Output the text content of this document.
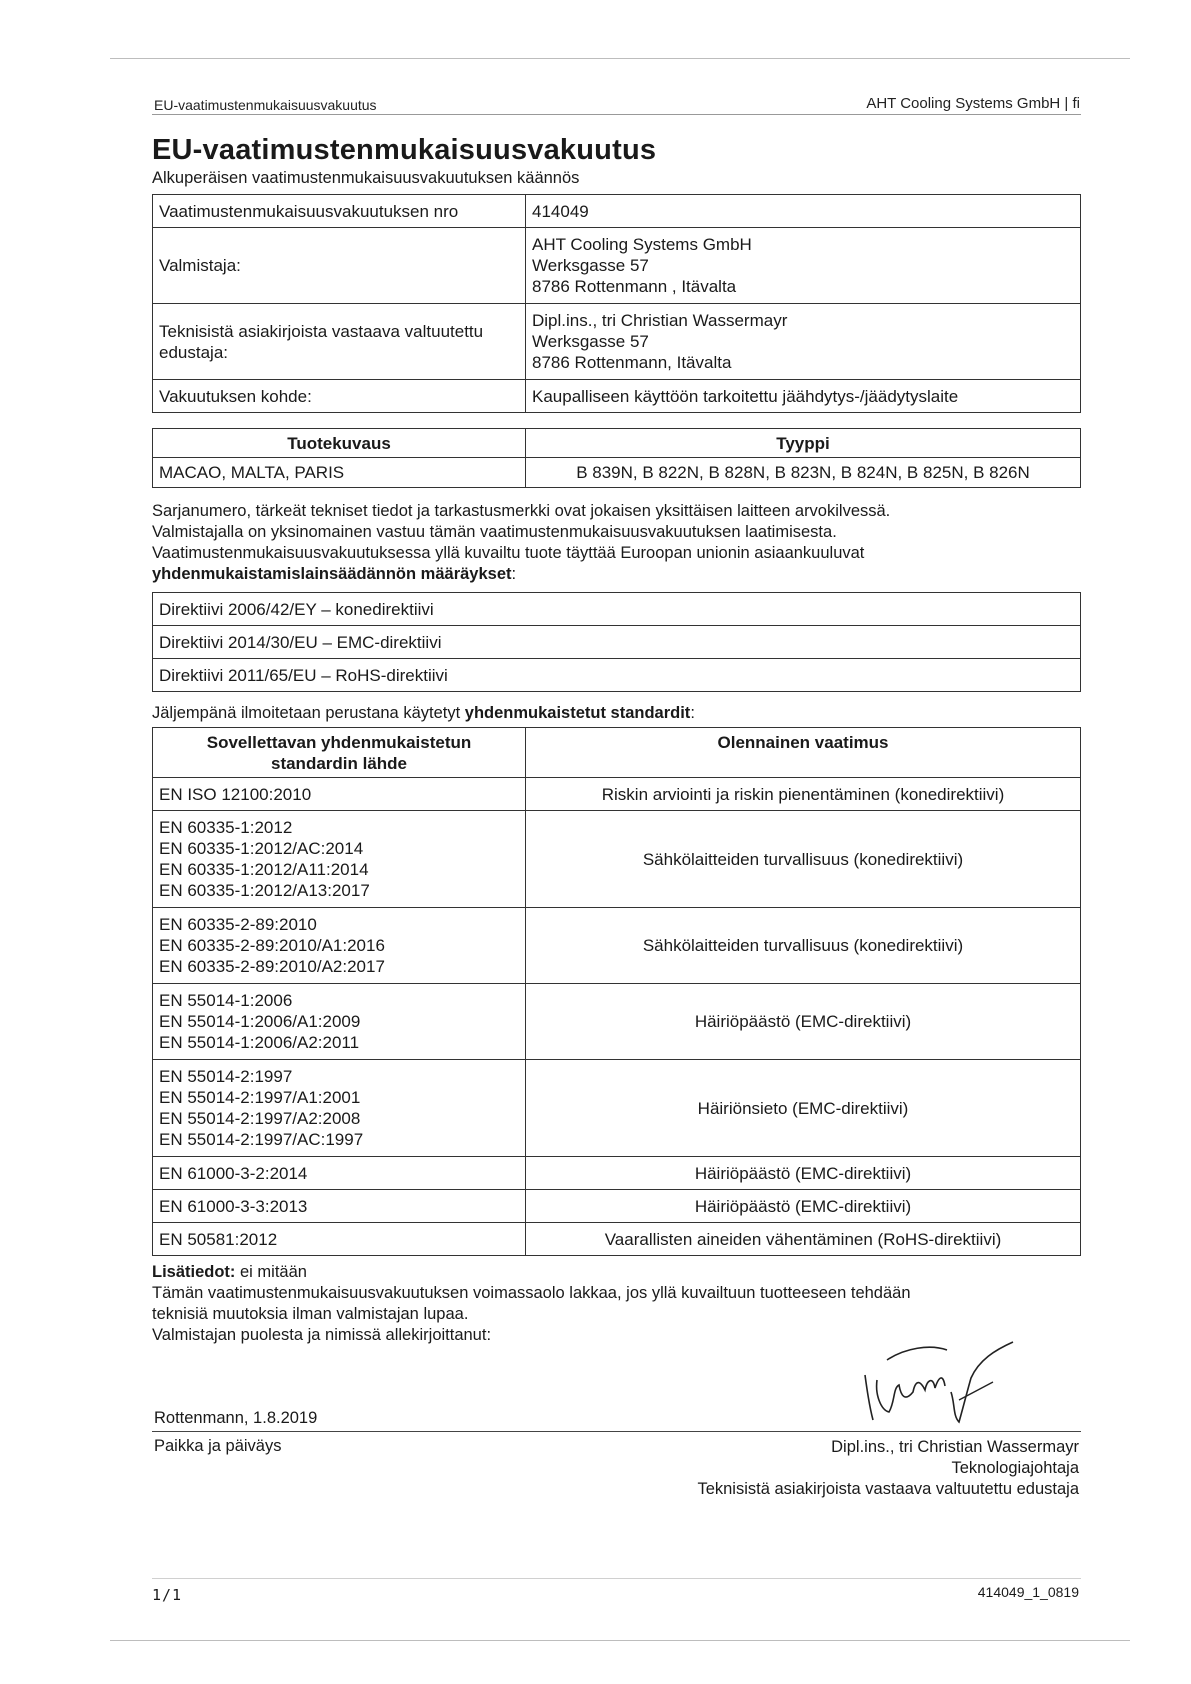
EU-vaatimustenmukaisuusvakuutus	AHT Cooling Systems GmbH | fi
EU-vaatimustenmukaisuusvakuutus
Alkuperäisen vaatimustenmukaisuusvakuutuksen käännös
Vaatimustenmukaisuusvakuutuksen nro	414049
Valmistaja:	AHT Cooling Systems GmbH
Werksgasse 57
8786 Rottenmann , Itävalta

Teknisistä asiakirjoista vastaava valtuutettu edustaja:	Dipl.ins., tri Christian Wassermayr
Werksgasse 57
8786 Rottenmann, Itävalta

Vakuutuksen kohde:	Kaupalliseen käyttöön tarkoitettu jäähdytys-/jäädytyslaite
Tuotekuvaus	Tyyppi
MACAO, MALTA, PARIS	B 839N, B 822N, B 828N, B 823N, B 824N, B 825N, B 826N
Sarjanumero, tärkeät tekniset tiedot ja tarkastusmerkki ovat jokaisen yksittäisen laitteen arvokilvessä.
Valmistajalla on yksinomainen vastuu tämän vaatimustenmukaisuusvakuutuksen laatimisesta.
Vaatimustenmukaisuusvakuutuksessa yllä kuvailtu tuote täyttää Euroopan unionin asiaankuuluvat
yhdenmukaistamislainsäädännön määräykset:
Direktiivi 2006/42/EY – konedirektiivi
Direktiivi 2014/30/EU – EMC-direktiivi
Direktiivi 2011/65/EU – RoHS-direktiivi
Jäljempänä ilmoitetaan perustana käytetyt yhdenmukaistetut standardit:
Sovellettavan yhdenmukaistetun standardin lähde	Olennainen vaatimus

EN ISO 12100:2010	Riskin arviointi ja riskin pienentäminen (konedirektiivi)

EN 60335-1:2012
EN 60335-1:2012/AC:2014
EN 60335-1:2012/A11:2014
EN 60335-1:2012/A13:2017	Sähkölaitteiden turvallisuus (konedirektiivi)

EN 60335-2-89:2010
EN 60335-2-89:2010/A1:2016
EN 60335-2-89:2010/A2:2017	Sähkölaitteiden turvallisuus (konedirektiivi)

EN 55014-1:2006
EN 55014-1:2006/A1:2009
EN 55014-1:2006/A2:2011	Häiriöpäästö (EMC-direktiivi)

EN 55014-2:1997
EN 55014-2:1997/A1:2001
EN 55014-2:1997/A2:2008
EN 55014-2:1997/AC:1997	Häiriönsieto (EMC-direktiivi)

EN 61000-3-2:2014	Häiriöpäästö (EMC-direktiivi)

EN 61000-3-3:2013	Häiriöpäästö (EMC-direktiivi)

EN 50581:2012	Vaarallisten aineiden vähentäminen (RoHS-direktiivi)
Lisätiedot: ei mitään
Tämän vaatimustenmukaisuusvakuutuksen voimassaolo lakkaa, jos yllä kuvailtuun tuotteeseen tehdään
teknisiä muutoksia ilman valmistajan lupaa.
Valmistajan puolesta ja nimissä allekirjoittanut:
Rottenmann, 1.8.2019
Paikka ja päiväys	Dipl.ins., tri Christian Wassermayr
Teknologiajohtaja
Teknisistä asiakirjoista vastaava valtuutettu edustaja
1/1	414049_1_0819
